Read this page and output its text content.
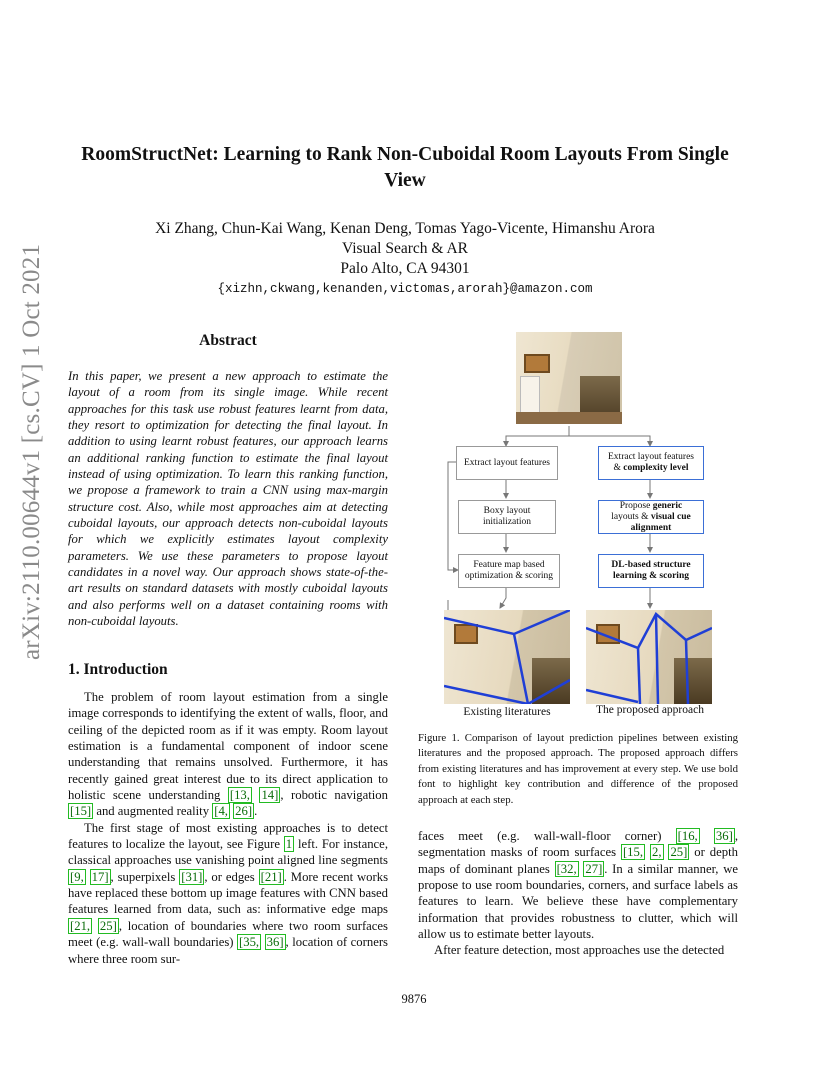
RoomStructNet: Learning to Rank Non-Cuboidal Room Layouts From Single View
Xi Zhang, Chun-Kai Wang, Kenan Deng, Tomas Yago-Vicente, Himanshu Arora
Visual Search & AR
Palo Alto, CA 94301
{xizhn,ckwang,kenanden,victomas,arorah}@amazon.com
arXiv:2110.00644v1 [cs.CV] 1 Oct 2021	Abstract
In this paper, we present a new approach to estimate the layout of a room from its single image. While recent approaches for this task use robust features learnt from data, they resort to optimization for detecting the final layout. In addition to using learnt robust features, our approach learns an additional ranking function to estimate the final layout instead of using optimization. To learn this ranking function, we propose a framework to train a CNN using max-margin structure cost. Also, while most approaches aim at detecting cuboidal layouts, our approach detects non-cuboidal layouts for which we explicitly estimates layout complexity parameters. We use these parameters to propose layout candidates in a novel way. Our approach shows state-of-the-art results on standard datasets with mostly cuboidal layouts and also performs well on a dataset containing rooms with non-cuboidal layouts.
1. Introduction

The problem of room layout estimation from a single image corresponds to identifying the extent of walls, floor, and ceiling of the depicted room as if it was empty. Room layout estimation is a fundamental component of indoor scene understanding that remains unsolved. Furthermore, it has recently gained great interest due to its direct application to holistic scene understanding [13, 14] , robotic navigation [15] and augmented reality [4, 26] .

The first stage of most existing approaches is to detect features to localize the layout, see Figure 1 left. For instance, classical approaches use vanishing point aligned line segments [9, 17] , superpixels [31] , or edges [21] . More recent works have replaced these bottom up image features with CNN based features learned from data, such as: informative edge maps [21, 25] , location of boundaries where two room surfaces meet (e.g. wall-wall boundaries) [35, 36] , location of corners where three room sur-

Extract layout features
Boxy layout initialization
Feature map based optimization & scoring
Extract layout features
& complexity level
Propose generic
layouts & visual cue
alignment
DL-based structure
learning & scoring
Existing literatures	The proposed approach
Figure 1. Comparison of layout prediction pipelines between existing literatures and the proposed approach. The proposed approach differs from existing literatures and has improvement at every step. We use bold font to highlight key contribution and difference of the proposed approach at each step.

faces meet (e.g. wall-wall-floor corner) [16, 36] , segmentation masks of room surfaces [15, 2, 25] or depth maps of dominant planes [32, 27] . In a similar manner, we propose to use room boundaries, corners, and surface labels as features to learn. We believe these have complementary information that provides robustness to clutter, which will allow us to estimate better layouts.

After feature detection, most approaches use the detected

9876
